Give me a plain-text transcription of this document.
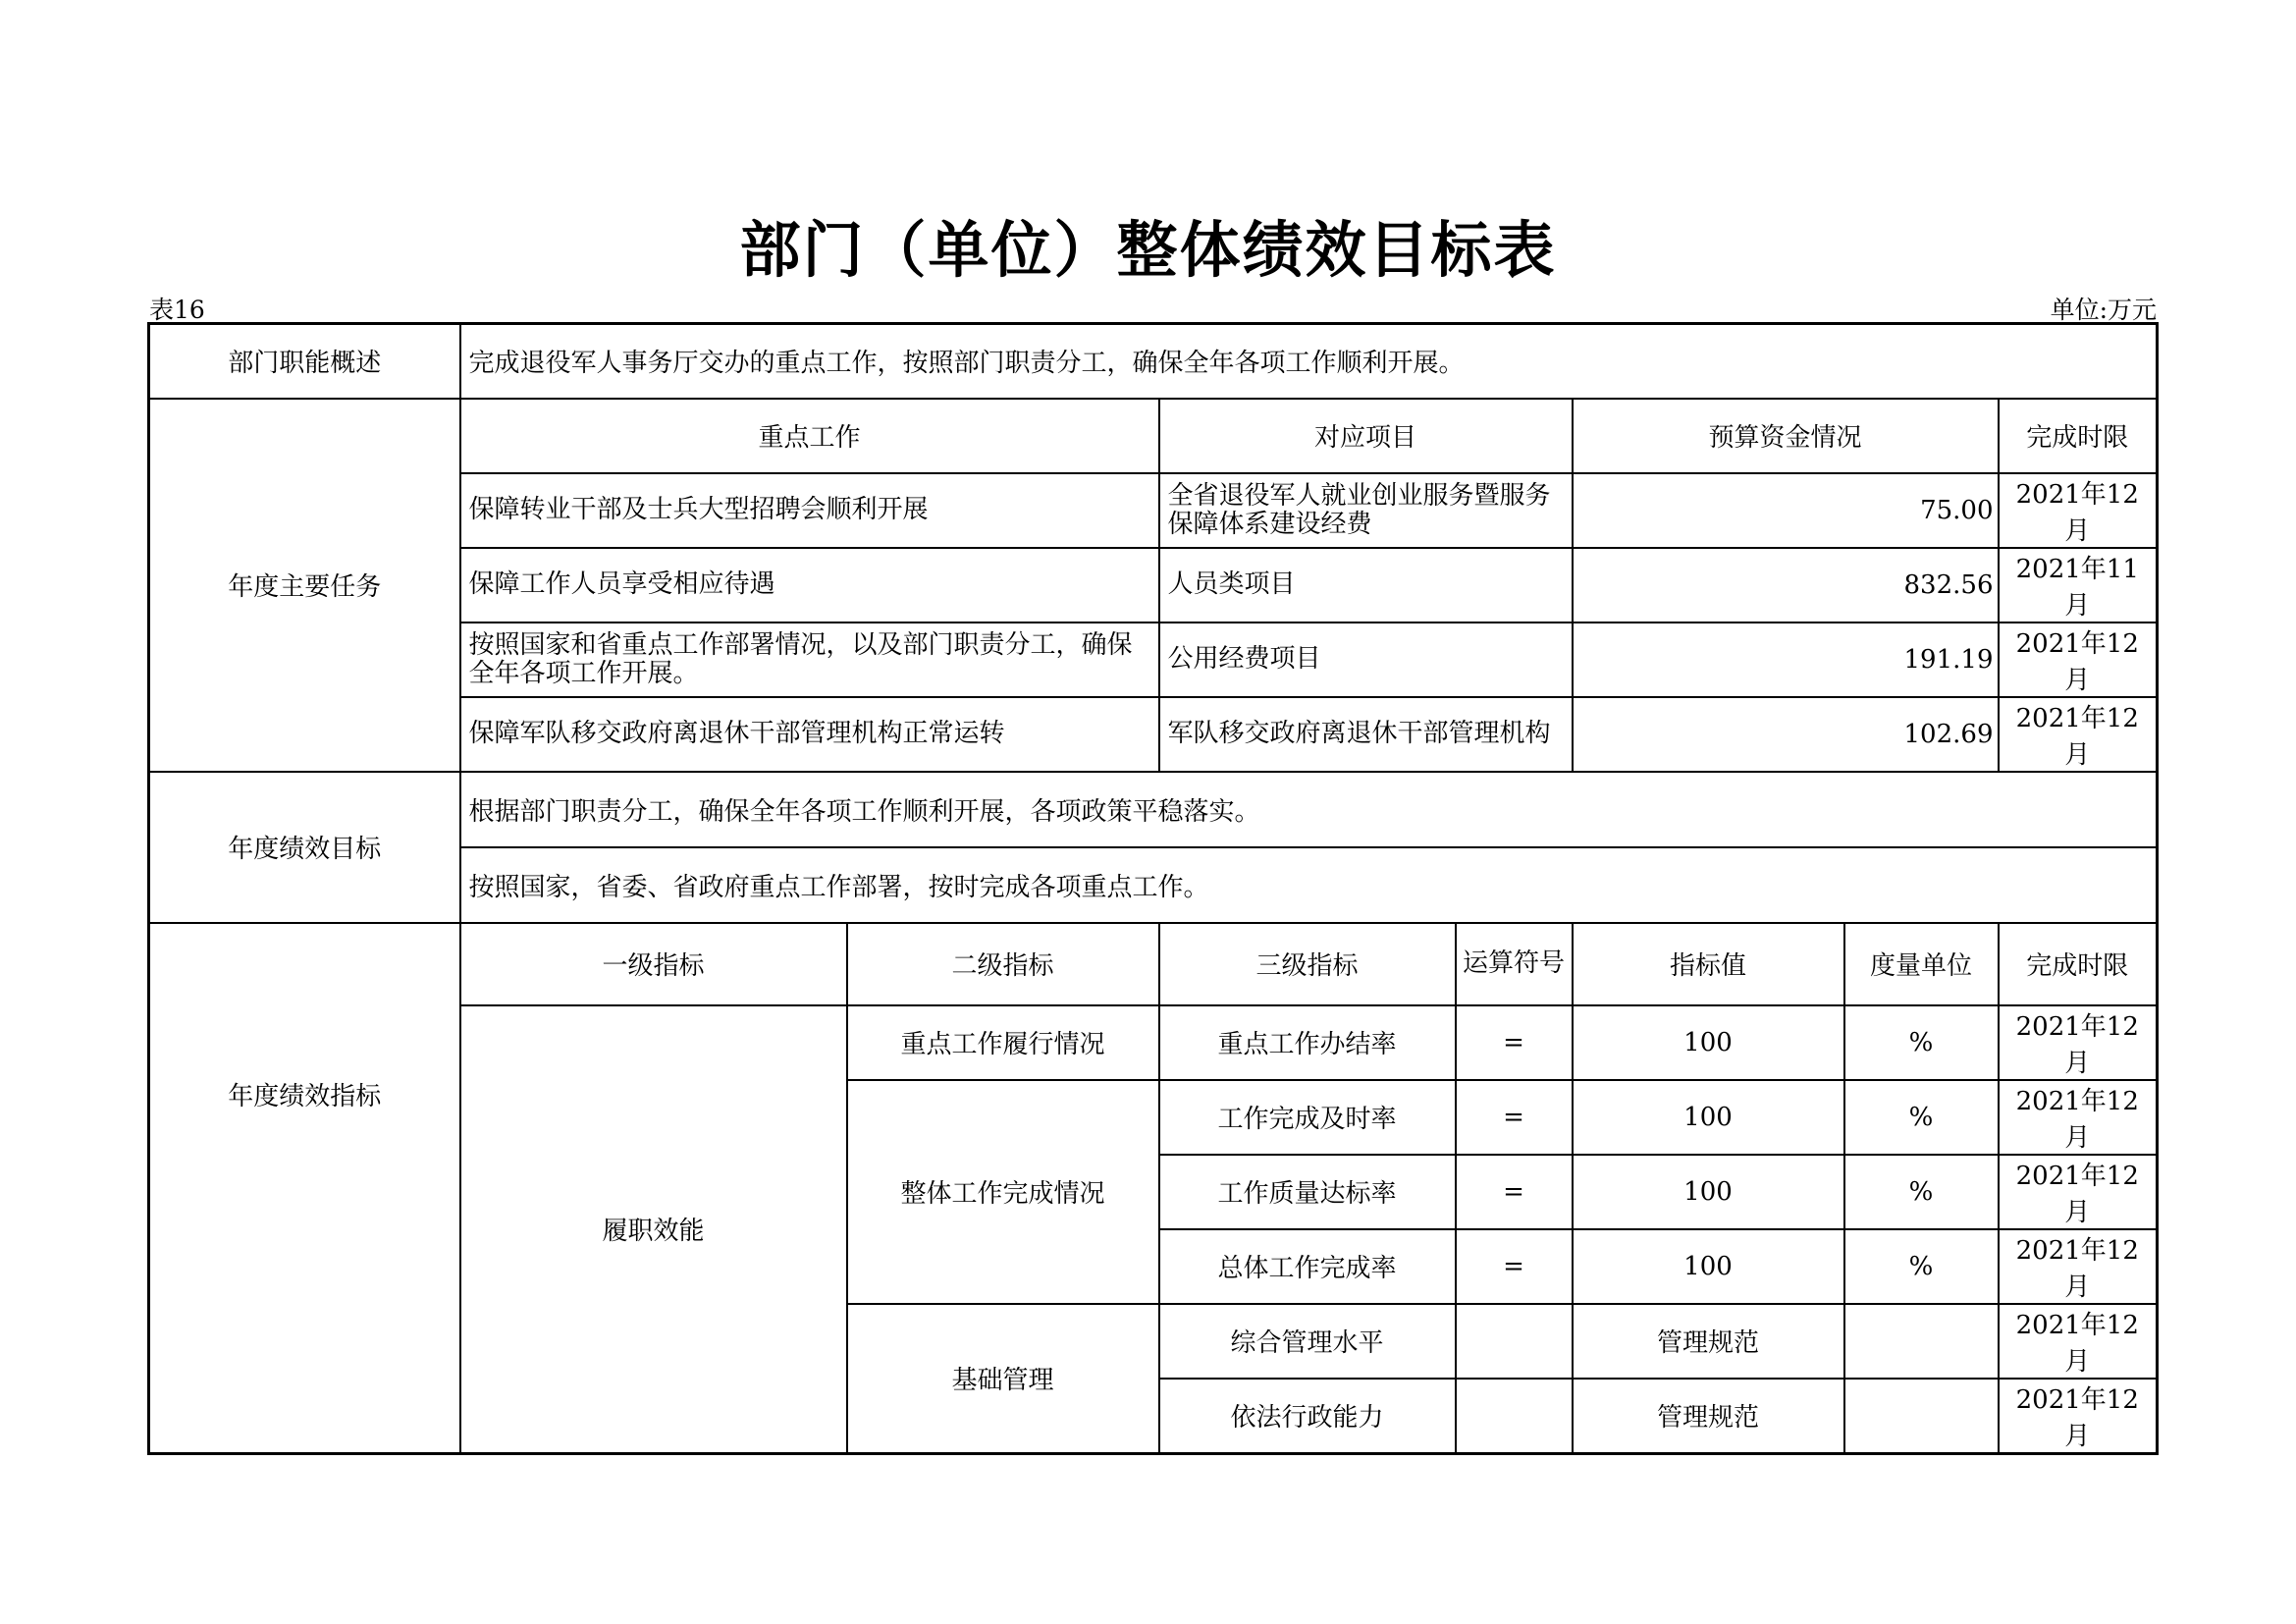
部门（单位）整体绩效目标表
表16	单位:万元
部门职能概述	完成退役军人事务厅交办的重点工作，按照部门职责分工，确保全年各项工作顺利开展。						
年度主要任务	重点工作		对应项目		预算资金情况		完成时限
	保障转业干部及士兵大型招聘会顺利开展		全省退役军人就业创业服务暨服务保障体系建设经费		75.00		2021年12月
	保障工作人员享受相应待遇		人员类项目		832.56		2021年11月
	按照国家和省重点工作部署情况，以及部门职责分工，确保全年各项工作开展。		公用经费项目		191.19		2021年12月
	保障军队移交政府离退休干部管理机构正常运转		军队移交政府离退休干部管理机构		102.69		2021年12月
年度绩效目标	根据部门职责分工，确保全年各项工作顺利开展，各项政策平稳落实。						
	按照国家，省委、省政府重点工作部署，按时完成各项重点工作。						
年度绩效指标	一级指标	二级指标	三级指标	运算符号	指标值	度量单位	完成时限
	履职效能	重点工作履行情况	重点工作办结率	=	100	%	2021年12月
		整体工作完成情况	工作完成及时率	=	100	%	2021年12月
			工作质量达标率	=	100	%	2021年12月
			总体工作完成率	=	100	%	2021年12月
		基础管理	综合管理水平		管理规范		2021年12月
			依法行政能力		管理规范		2021年12月
